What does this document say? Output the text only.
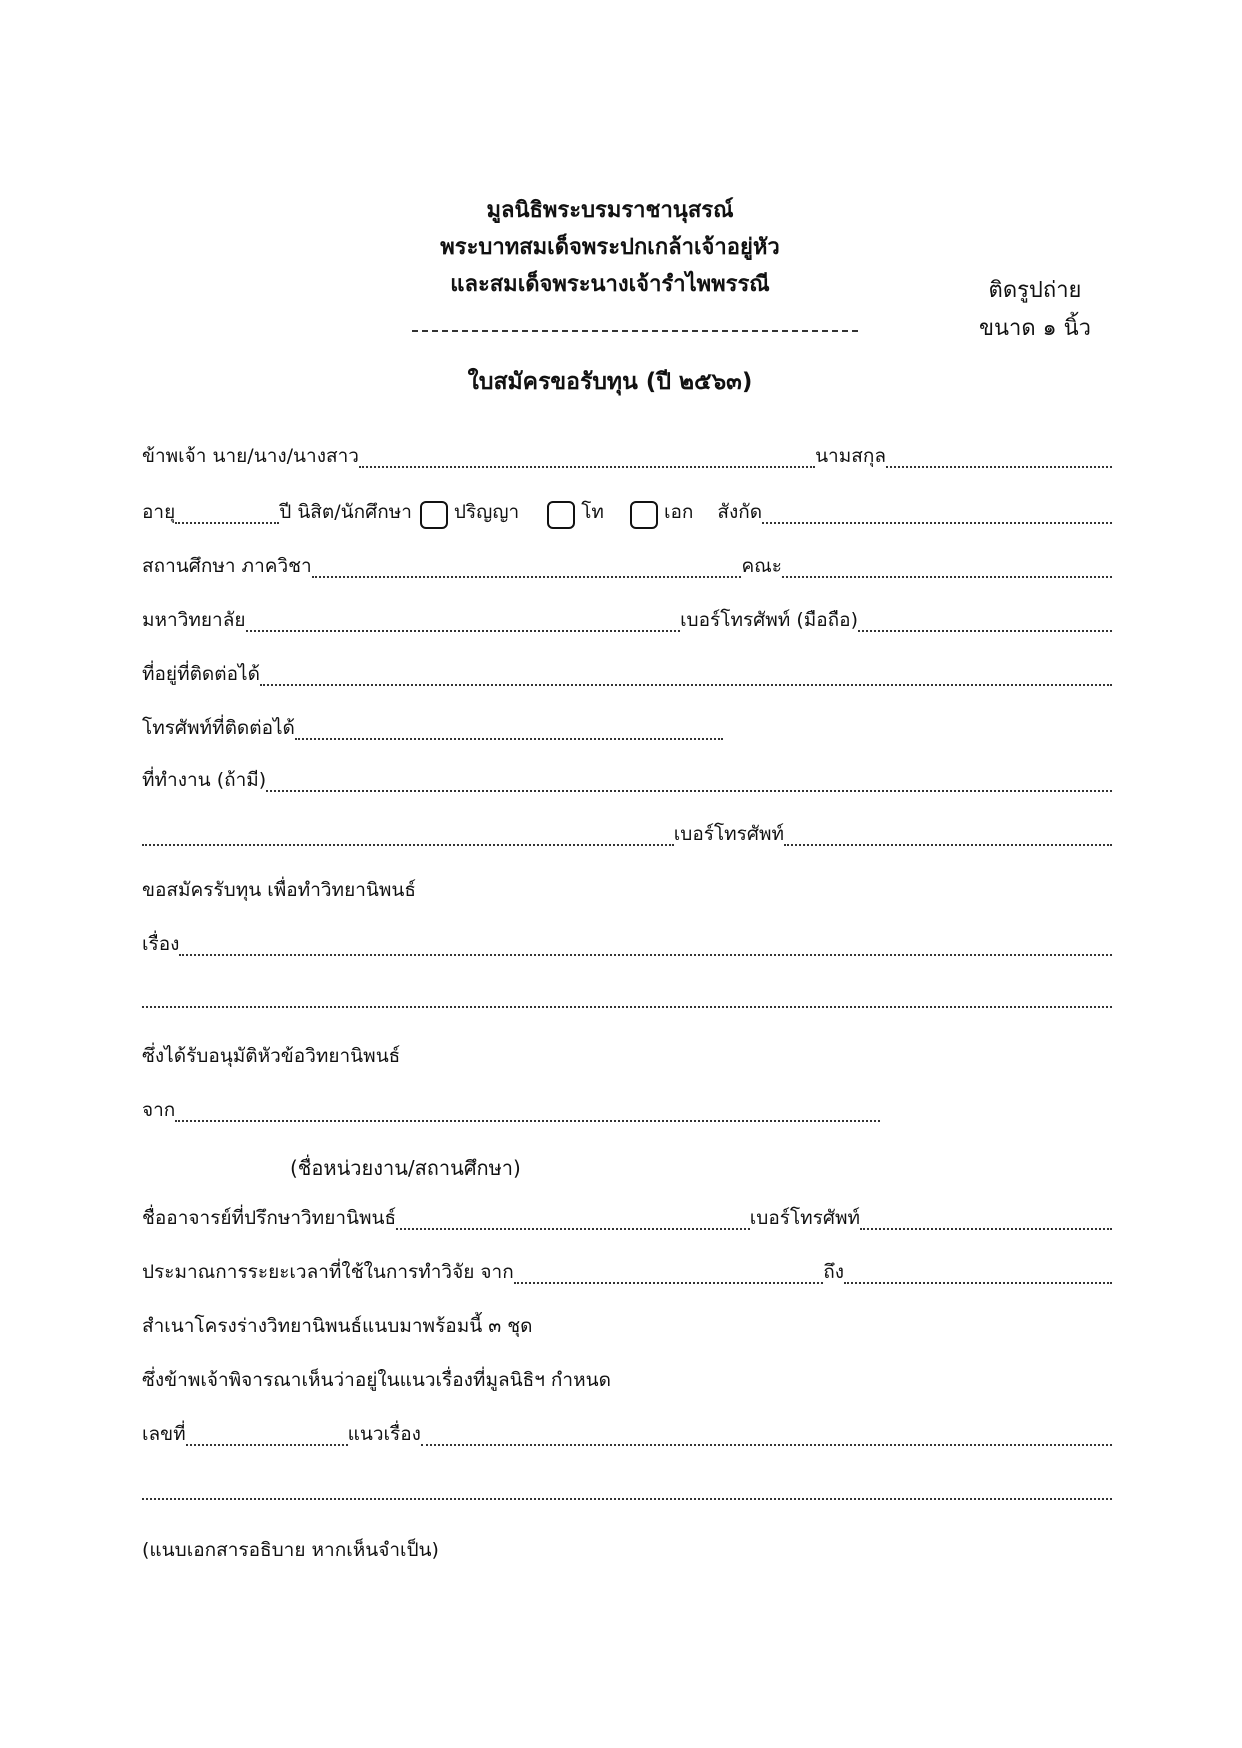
มูลนิธิพระบรมราชานุสรณ์
พระบาทสมเด็จพระปกเกล้าเจ้าอยู่หัว
และสมเด็จพระนางเจ้ารำไพพรรณี	ติดรูปถ่าย
ขนาด ๑ นิ้ว
ใบสมัครขอรับทุน (ปี ๒๕๖๓)
ข้าพเจ้า นาย/นาง/นางสาว	นามสกุล
อายุ	ปี นิสิต/นักศึกษา ปริญญา	โท	เอก สังกัด
สถานศึกษา ภาควิชา	คณะ
มหาวิทยาลัย	เบอร์โทรศัพท์ (มือถือ)
ที่อยู่ที่ติดต่อได้
โทรศัพท์ที่ติดต่อได้
ที่ทำงาน (ถ้ามี)
เบอร์โทรศัพท์
ขอสมัครรับทุน เพื่อทำวิทยานิพนธ์
เรื่อง
ซึ่งได้รับอนุมัติหัวข้อวิทยานิพนธ์
จาก
(ชื่อหน่วยงาน/สถานศึกษา)
ชื่ออาจารย์ที่ปรึกษาวิทยานิพนธ์	เบอร์โทรศัพท์
ประมาณการระยะเวลาที่ใช้ในการทำวิจัย จาก	ถึง
สำเนาโครงร่างวิทยานิพนธ์แนบมาพร้อมนี้ ๓ ชุด
ซึ่งข้าพเจ้าพิจารณาเห็นว่าอยู่ในแนวเรื่องที่มูลนิธิฯ กำหนด
เลขที่	แนวเรื่อง
(แนบเอกสารอธิบาย หากเห็นจำเป็น)
